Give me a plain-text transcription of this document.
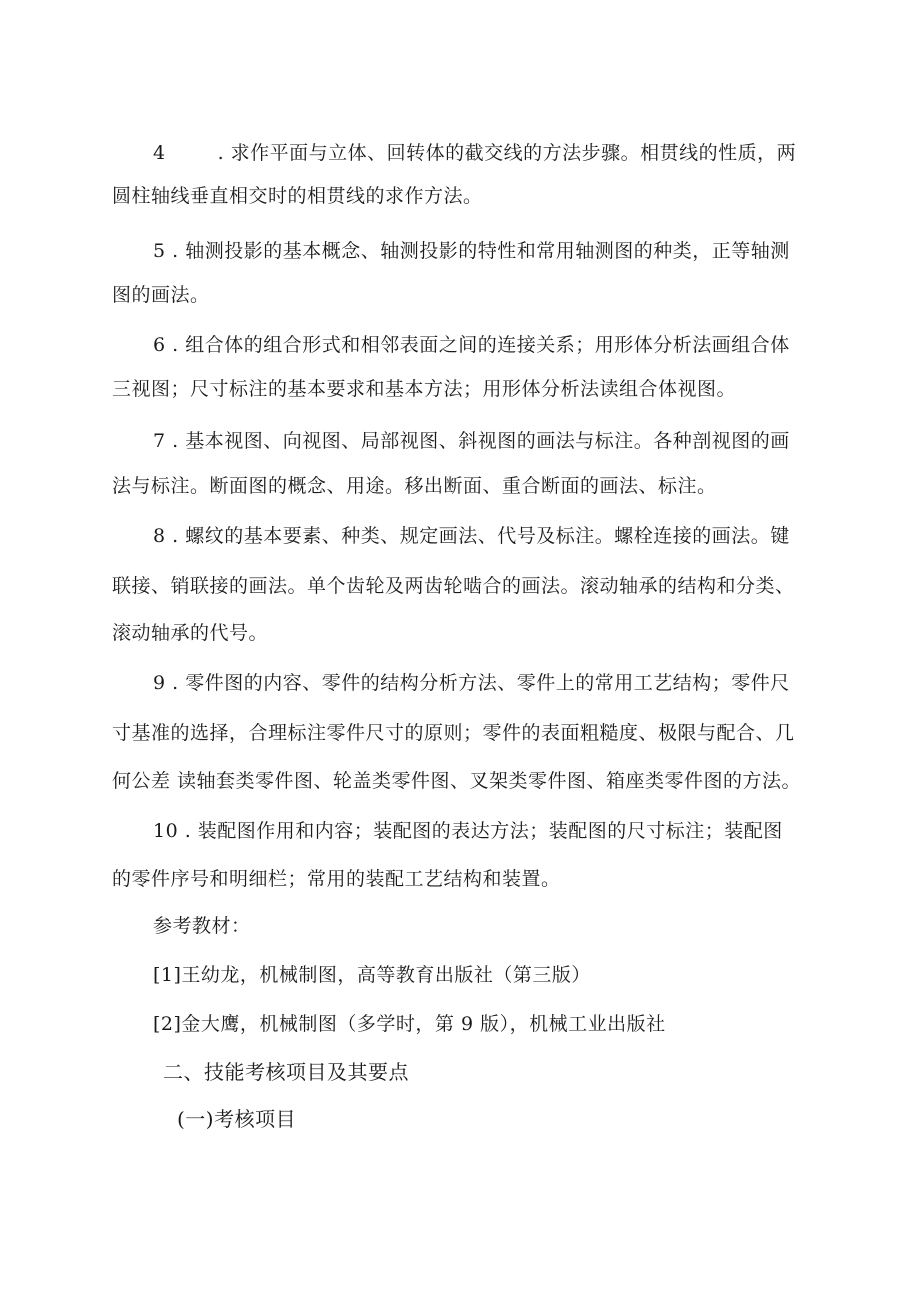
4	. 求作平面与立体、回转体的截交线的方法步骤。相贯线的性质，两
圆柱轴线垂直相交时的相贯线的求作方法。
5 . 轴测投影的基本概念、轴测投影的特性和常用轴测图的种类，正等轴测
图的画法。
6 . 组合体的组合形式和相邻表面之间的连接关系；用形体分析法画组合体
三视图；尺寸标注的基本要求和基本方法；用形体分析法读组合体视图。
7 . 基本视图、向视图、局部视图、斜视图的画法与标注。各种剖视图的画
法与标注。断面图的概念、用途。移出断面、重合断面的画法、标注。
8 . 螺纹的基本要素、种类、规定画法、代号及标注。螺栓连接的画法。键
联接、销联接的画法。单个齿轮及两齿轮啮合的画法。滚动轴承的结构和分类、
滚动轴承的代号。
9 . 零件图的内容、零件的结构分析方法、零件上的常用工艺结构；零件尺
寸基准的选择，合理标注零件尺寸的原则；零件的表面粗糙度、极限与配合、几
何公差 读轴套类零件图、轮盖类零件图、叉架类零件图、箱座类零件图的方法。
10 . 装配图作用和内容；装配图的表达方法；装配图的尺寸标注；装配图
的零件序号和明细栏；常用的装配工艺结构和装置。
参考教材：
[1]王幼龙，机械制图，高等教育出版社（第三版）
[2]金大鹰，机械制图（多学时，第 9 版），机械工业出版社
二、技能考核项目及其要点
(一)考核项目
